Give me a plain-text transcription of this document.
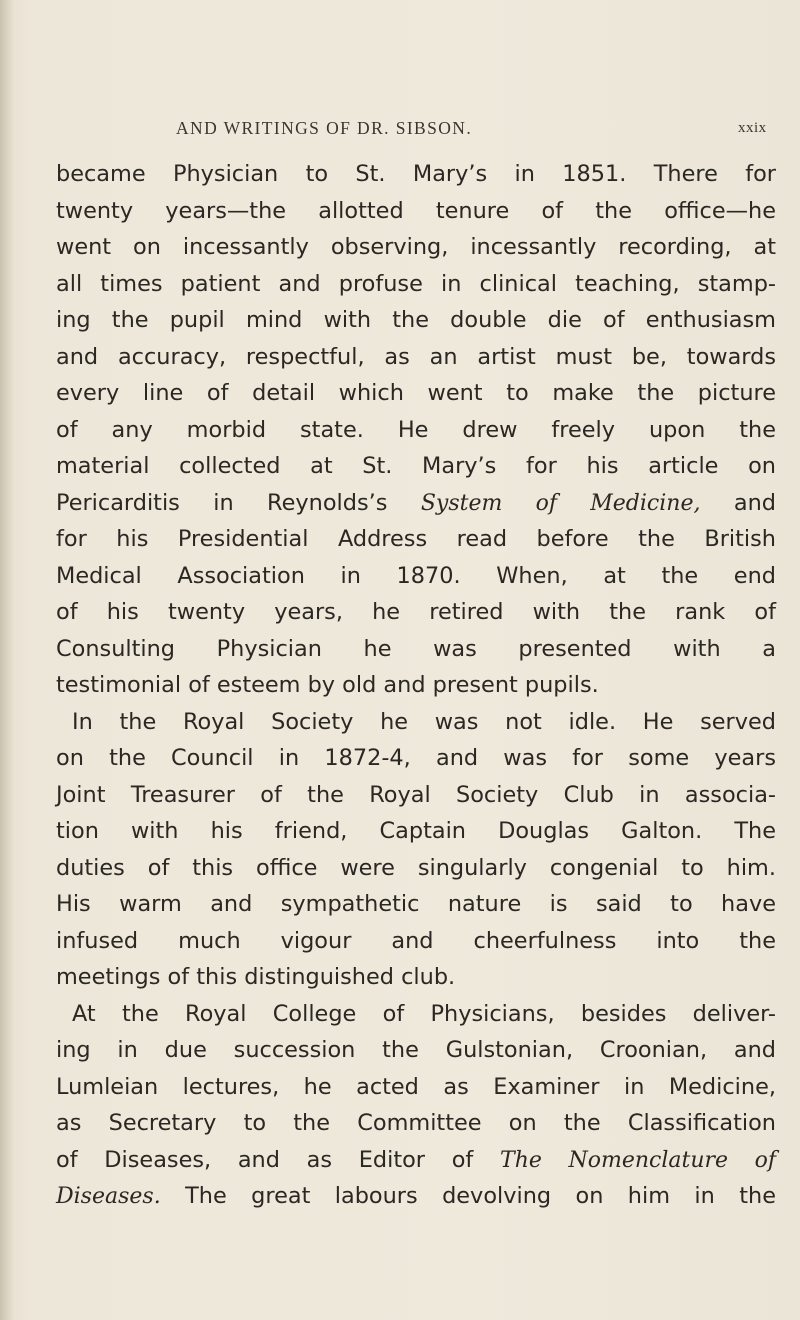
AND WRITINGS OF DR. SIBSON.	xxix
became Physician to St. Mary’s in 1851. There for
twenty years—the allotted tenure of the office—he
went on incessantly observing, incessantly recording, at
all times patient and profuse in clinical teaching, stamp-
ing the pupil mind with the double die of enthusiasm
and accuracy, respectful, as an artist must be, towards
every line of detail which went to make the picture
of any morbid state. He drew freely upon the
material collected at St. Mary’s for his article on
Pericarditis in Reynolds’s System of Medicine, and
for his Presidential Address read before the British
Medical Association in 1870. When, at the end
of his twenty years, he retired with the rank of
Consulting Physician he was presented with a
testimonial of esteem by old and present pupils.
In the Royal Society he was not idle. He served
on the Council in 1872-4, and was for some years
Joint Treasurer of the Royal Society Club in associa-
tion with his friend, Captain Douglas Galton. The
duties of this office were singularly congenial to him.
His warm and sympathetic nature is said to have
infused much vigour and cheerfulness into the
meetings of this distinguished club.
At the Royal College of Physicians, besides deliver-
ing in due succession the Gulstonian, Croonian, and
Lumleian lectures, he acted as Examiner in Medicine,
as Secretary to the Committee on the Classification
of Diseases, and as Editor of The Nomenclature of
Diseases. The great labours devolving on him in the
